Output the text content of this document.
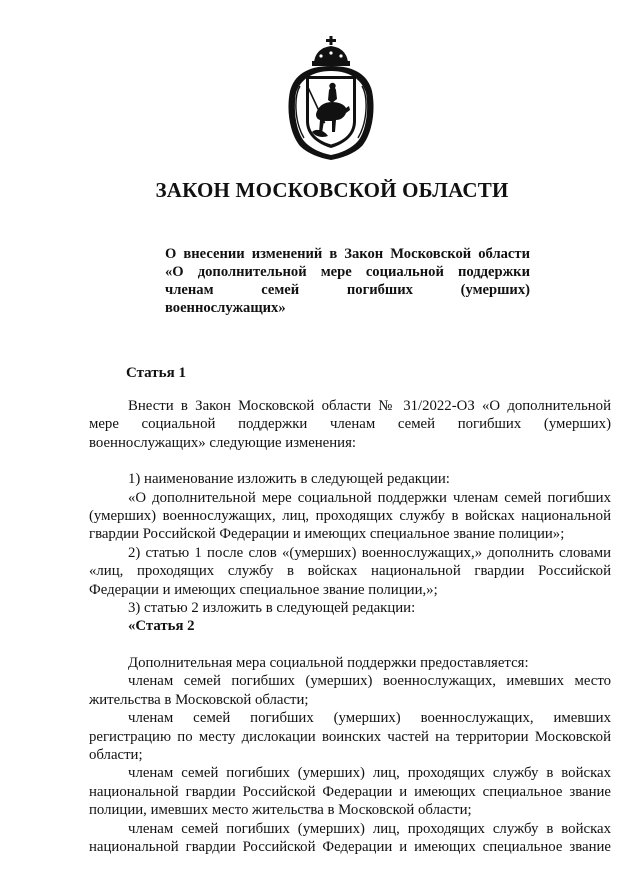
ЗАКОН МОСКОВСКОЙ ОБЛАСТИ
О внесении изменений в Закон Московской области
«О дополнительной мере социальной поддержки
членам семей погибших (умерших)
военнослужащих»

Статья 1

Внести в Закон Московской области № 31/2022-ОЗ «О дополнительной мере социальной поддержки членам семей погибших (умерших) военнослужащих» следующие изменения:

1) наименование изложить в следующей редакции:

«О дополнительной мере социальной поддержки членам семей погибших (умерших) военнослужащих, лиц, проходящих службу в войсках национальной гвардии Российской Федерации и имеющих специальное звание полиции»;

2) статью 1 после слов «(умерших) военнослужащих,» дополнить словами «лиц, проходящих службу в войсках национальной гвардии Российской Федерации и имеющих специальное звание полиции,»;

3) статью 2 изложить в следующей редакции:

«Статья 2

Дополнительная мера социальной поддержки предоставляется:

членам семей погибших (умерших) военнослужащих, имевших место жительства в Московской области;

членам семей погибших (умерших) военнослужащих, имевших регистрацию по месту дислокации воинских частей на территории Московской области;

членам семей погибших (умерших) лиц, проходящих службу в войсках национальной гвардии Российской Федерации и имеющих специальное звание полиции, имевших место жительства в Московской области;

членам семей погибших (умерших) лиц, проходящих службу в войсках национальной гвардии Российской Федерации и имеющих специальное звание
